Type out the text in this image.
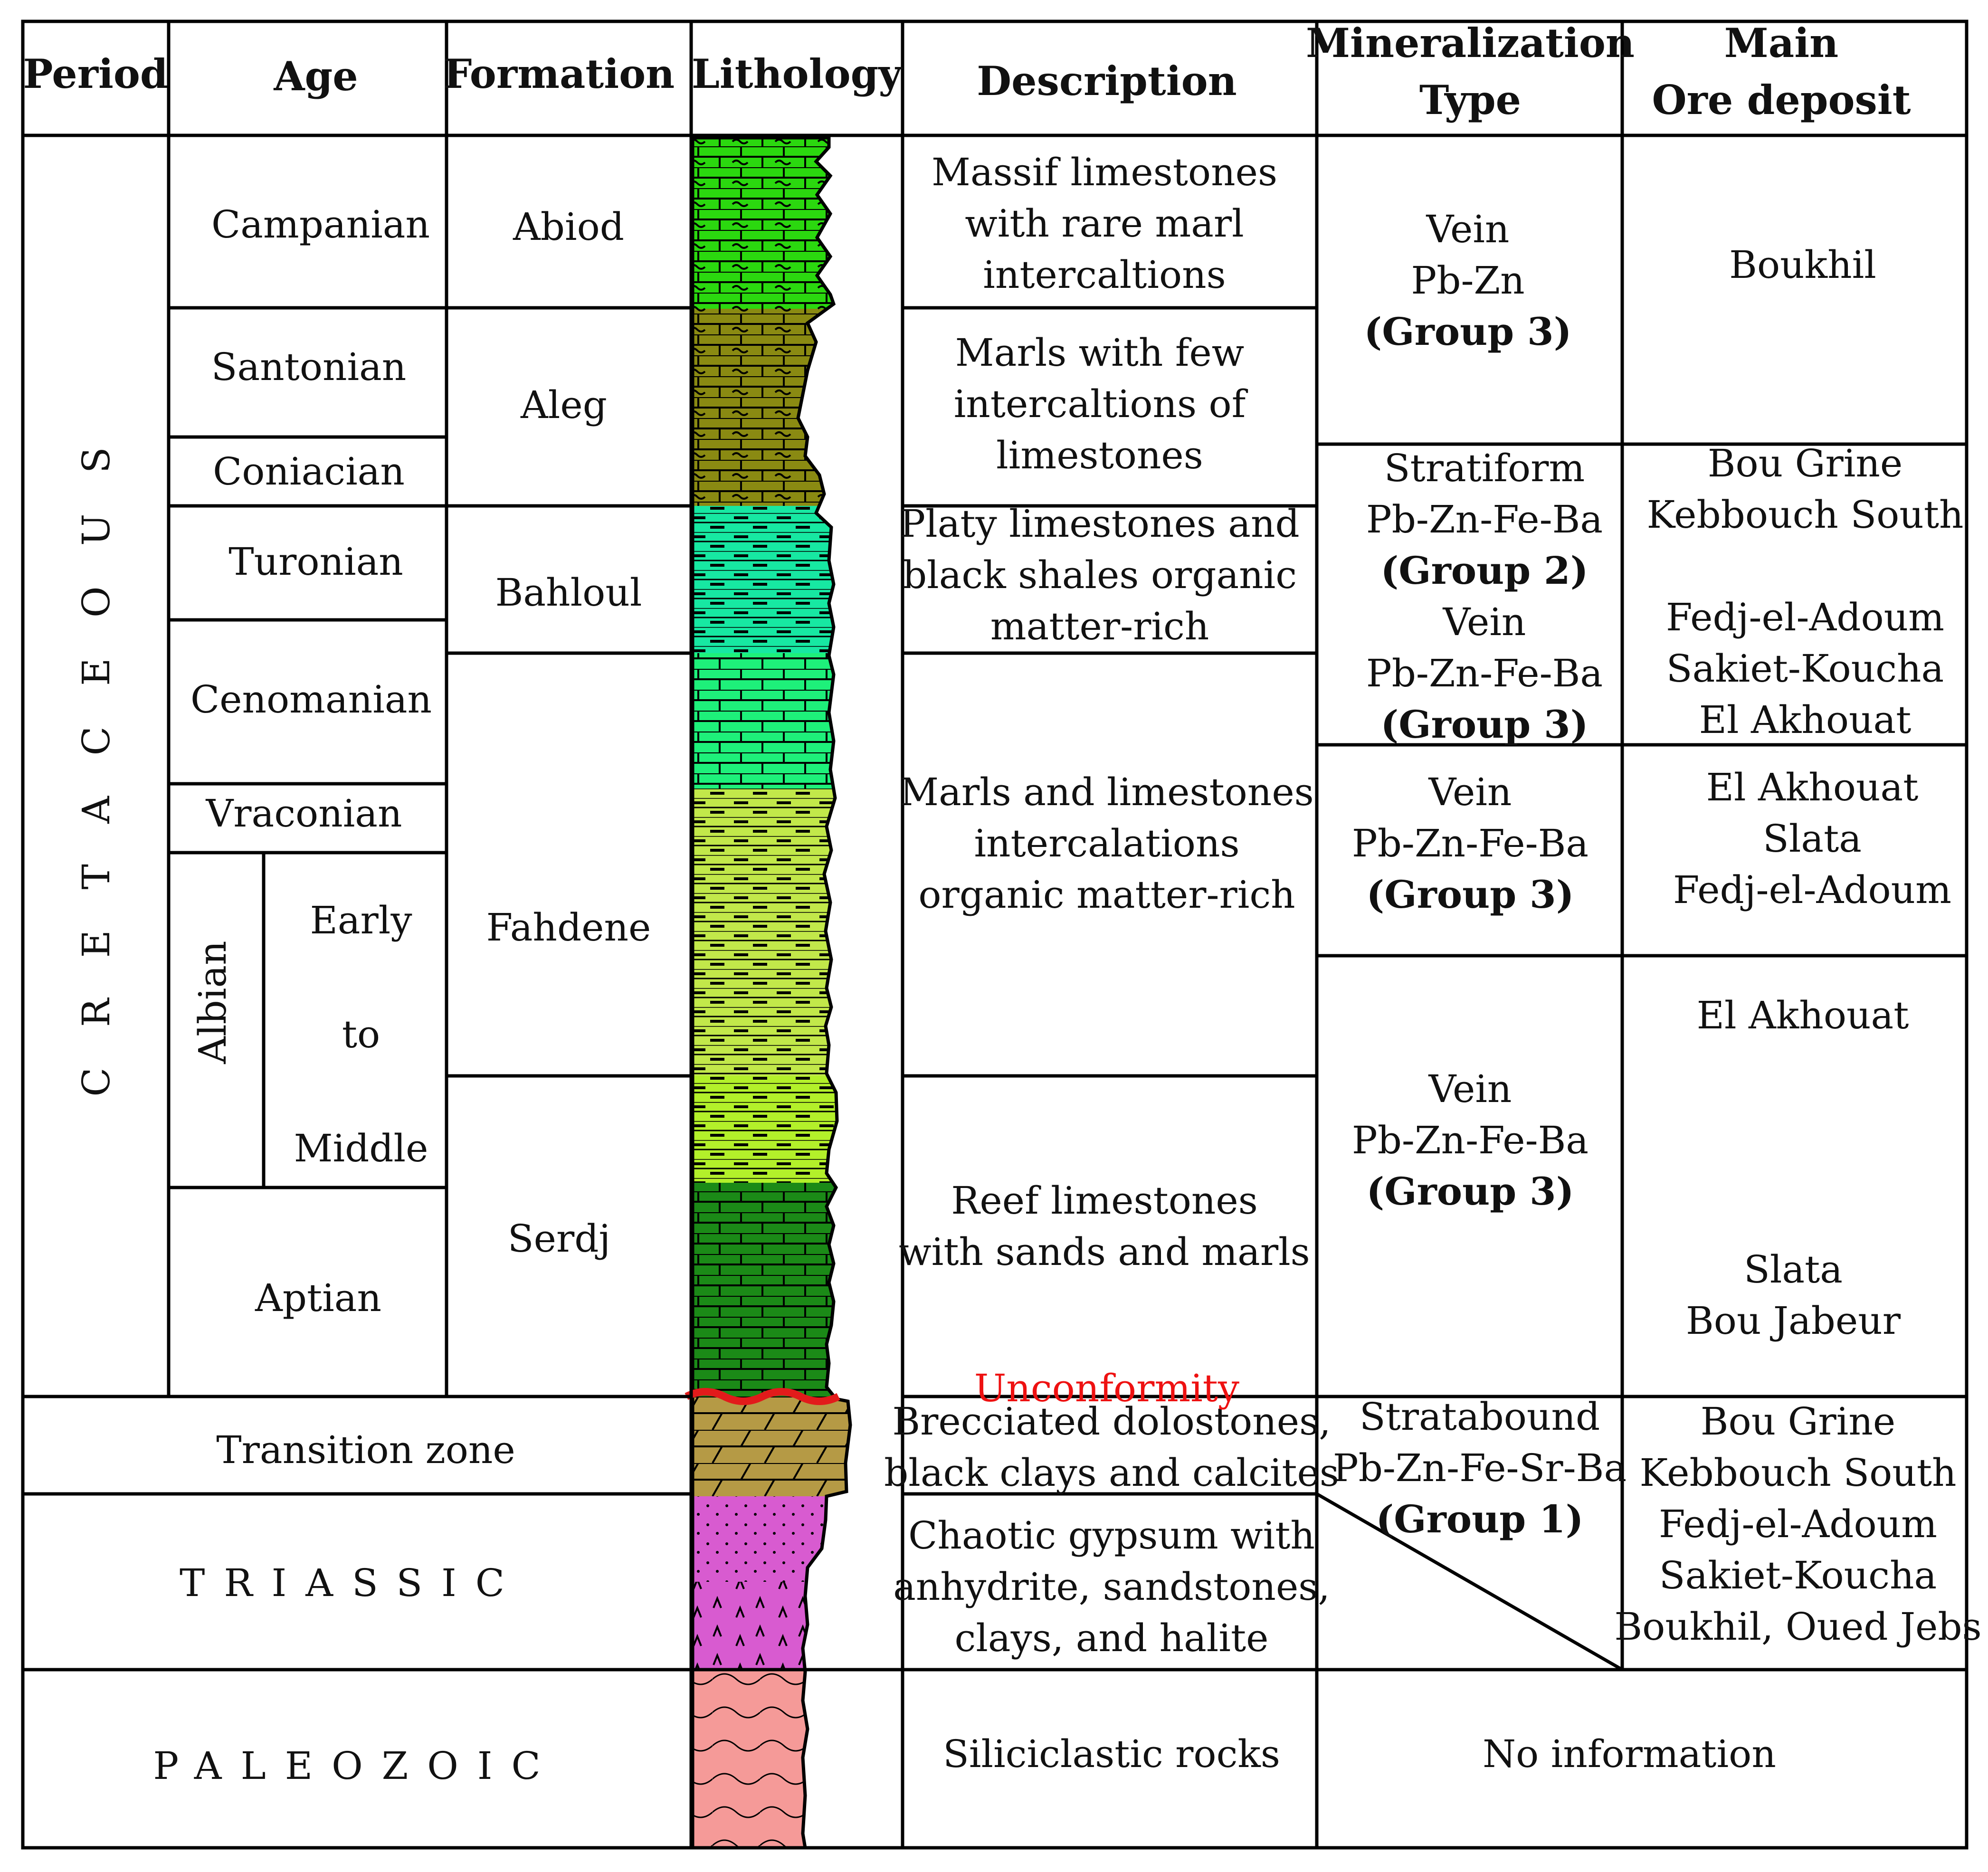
Period	Age Formation Lithology Description
Mineralization
Type
Main
Ore deposit
C R E T A C E O U S
Transition zone
TRIASSIC
PALEOZOIC
Campanian
Santonian
Coniacian
Turonian
Cenomanian
Vraconian
Albian
Early
to
Middle
Aptian
Abiod
Aleg
Bahloul
Fahdene
Serdj
Massif limestones
with rare marl
intercaltions
Marls with few
intercaltions of
limestones
Platy limestones and
black shales organic
matter-rich
Marls and limestones
intercalations
organic matter-rich
Reef limestones
with sands and marls
Brecciated dolostones,
black clays and calcites
Chaotic gypsum with
anhydrite, sandstones,
clays, and halite
Siliciclastic rocks
Unconformity
Vein
Pb-Zn
(Group 3)
Stratiform
Pb-Zn-Fe-Ba
(Group 2)
Vein
Pb-Zn-Fe-Ba
(Group 3)
Vein
Pb-Zn-Fe-Ba
(Group 3)
Vein
Pb-Zn-Fe-Ba
(Group 3)
Stratabound
Pb-Zn-Fe-Sr-Ba
(Group 1)
Boukhil
Bou Grine
Kebbouch South
Fedj-el-Adoum
Sakiet-Koucha
El Akhouat
El Akhouat
Slata
Fedj-el-Adoum
El Akhouat
Slata
Bou Jabeur
Bou Grine
Kebbouch South
Fedj-el-Adoum
Sakiet-Koucha
Boukhil, Oued Jebs
No information
